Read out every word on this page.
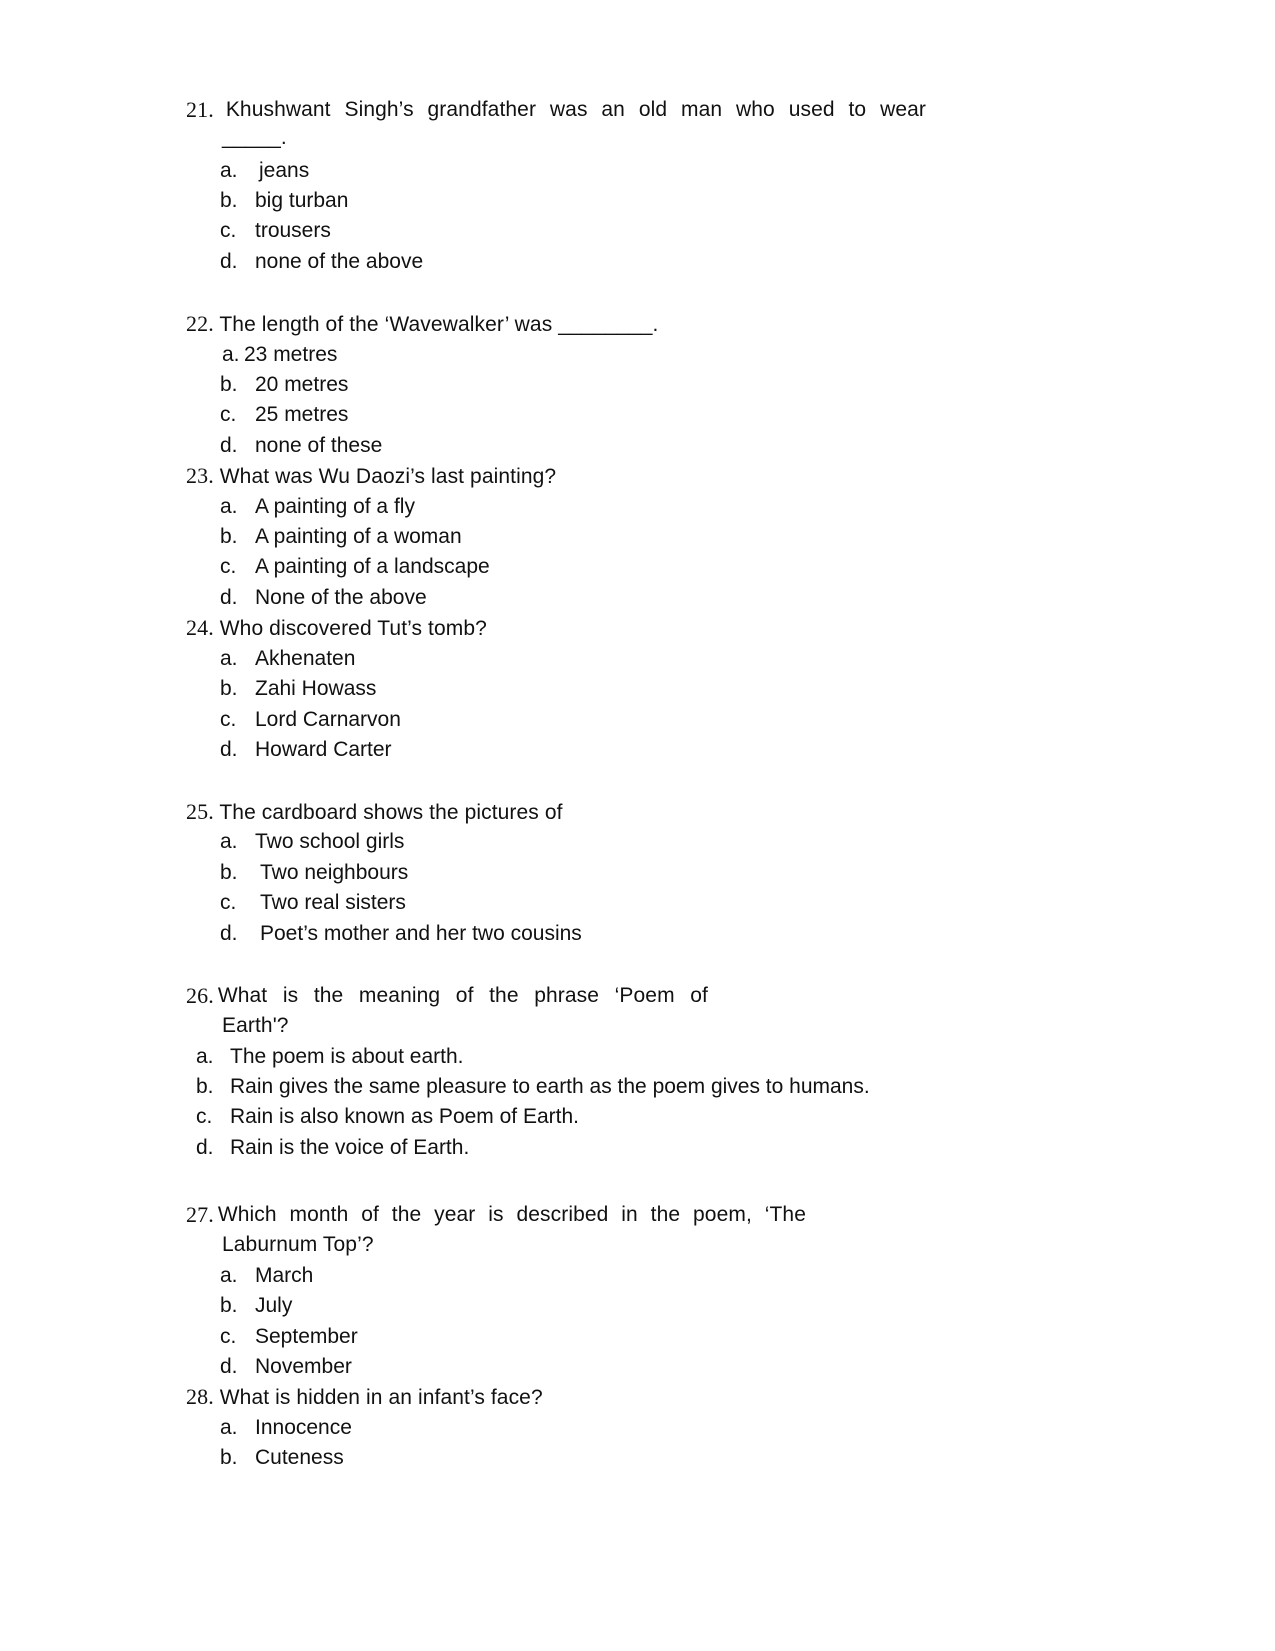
21. Khushwant Singh’s grandfather was an old man who used to wear
_____.
a. jeans
b. big turban
c. trousers
d. none of the above
22. The length of the ‘Wavewalker’ was ________.
a. 23 metres
b. 20 metres
c. 25 metres
d. none of these
23. What was Wu Daozi’s last painting?
a. A painting of a fly
b. A painting of a woman
c. A painting of a landscape
d. None of the above
24. Who discovered Tut’s tomb?
a. Akhenaten
b. Zahi Howass
c. Lord Carnarvon
d. Howard Carter
25. The cardboard shows the pictures of
a. Two school girls
b. Two neighbours
c. Two real sisters
d. Poet’s mother and her two cousins
26. What is the meaning of the phrase ‘Poem of
Earth'?
a. The poem is about earth.
b. Rain gives the same pleasure to earth as the poem gives to humans.
c. Rain is also known as Poem of Earth.
d. Rain is the voice of Earth.
27. Which month of the year is described in the poem, ‘The
Laburnum Top’?
a. March
b. July
c. September
d. November
28. What is hidden in an infant’s face?
a. Innocence
b. Cuteness
